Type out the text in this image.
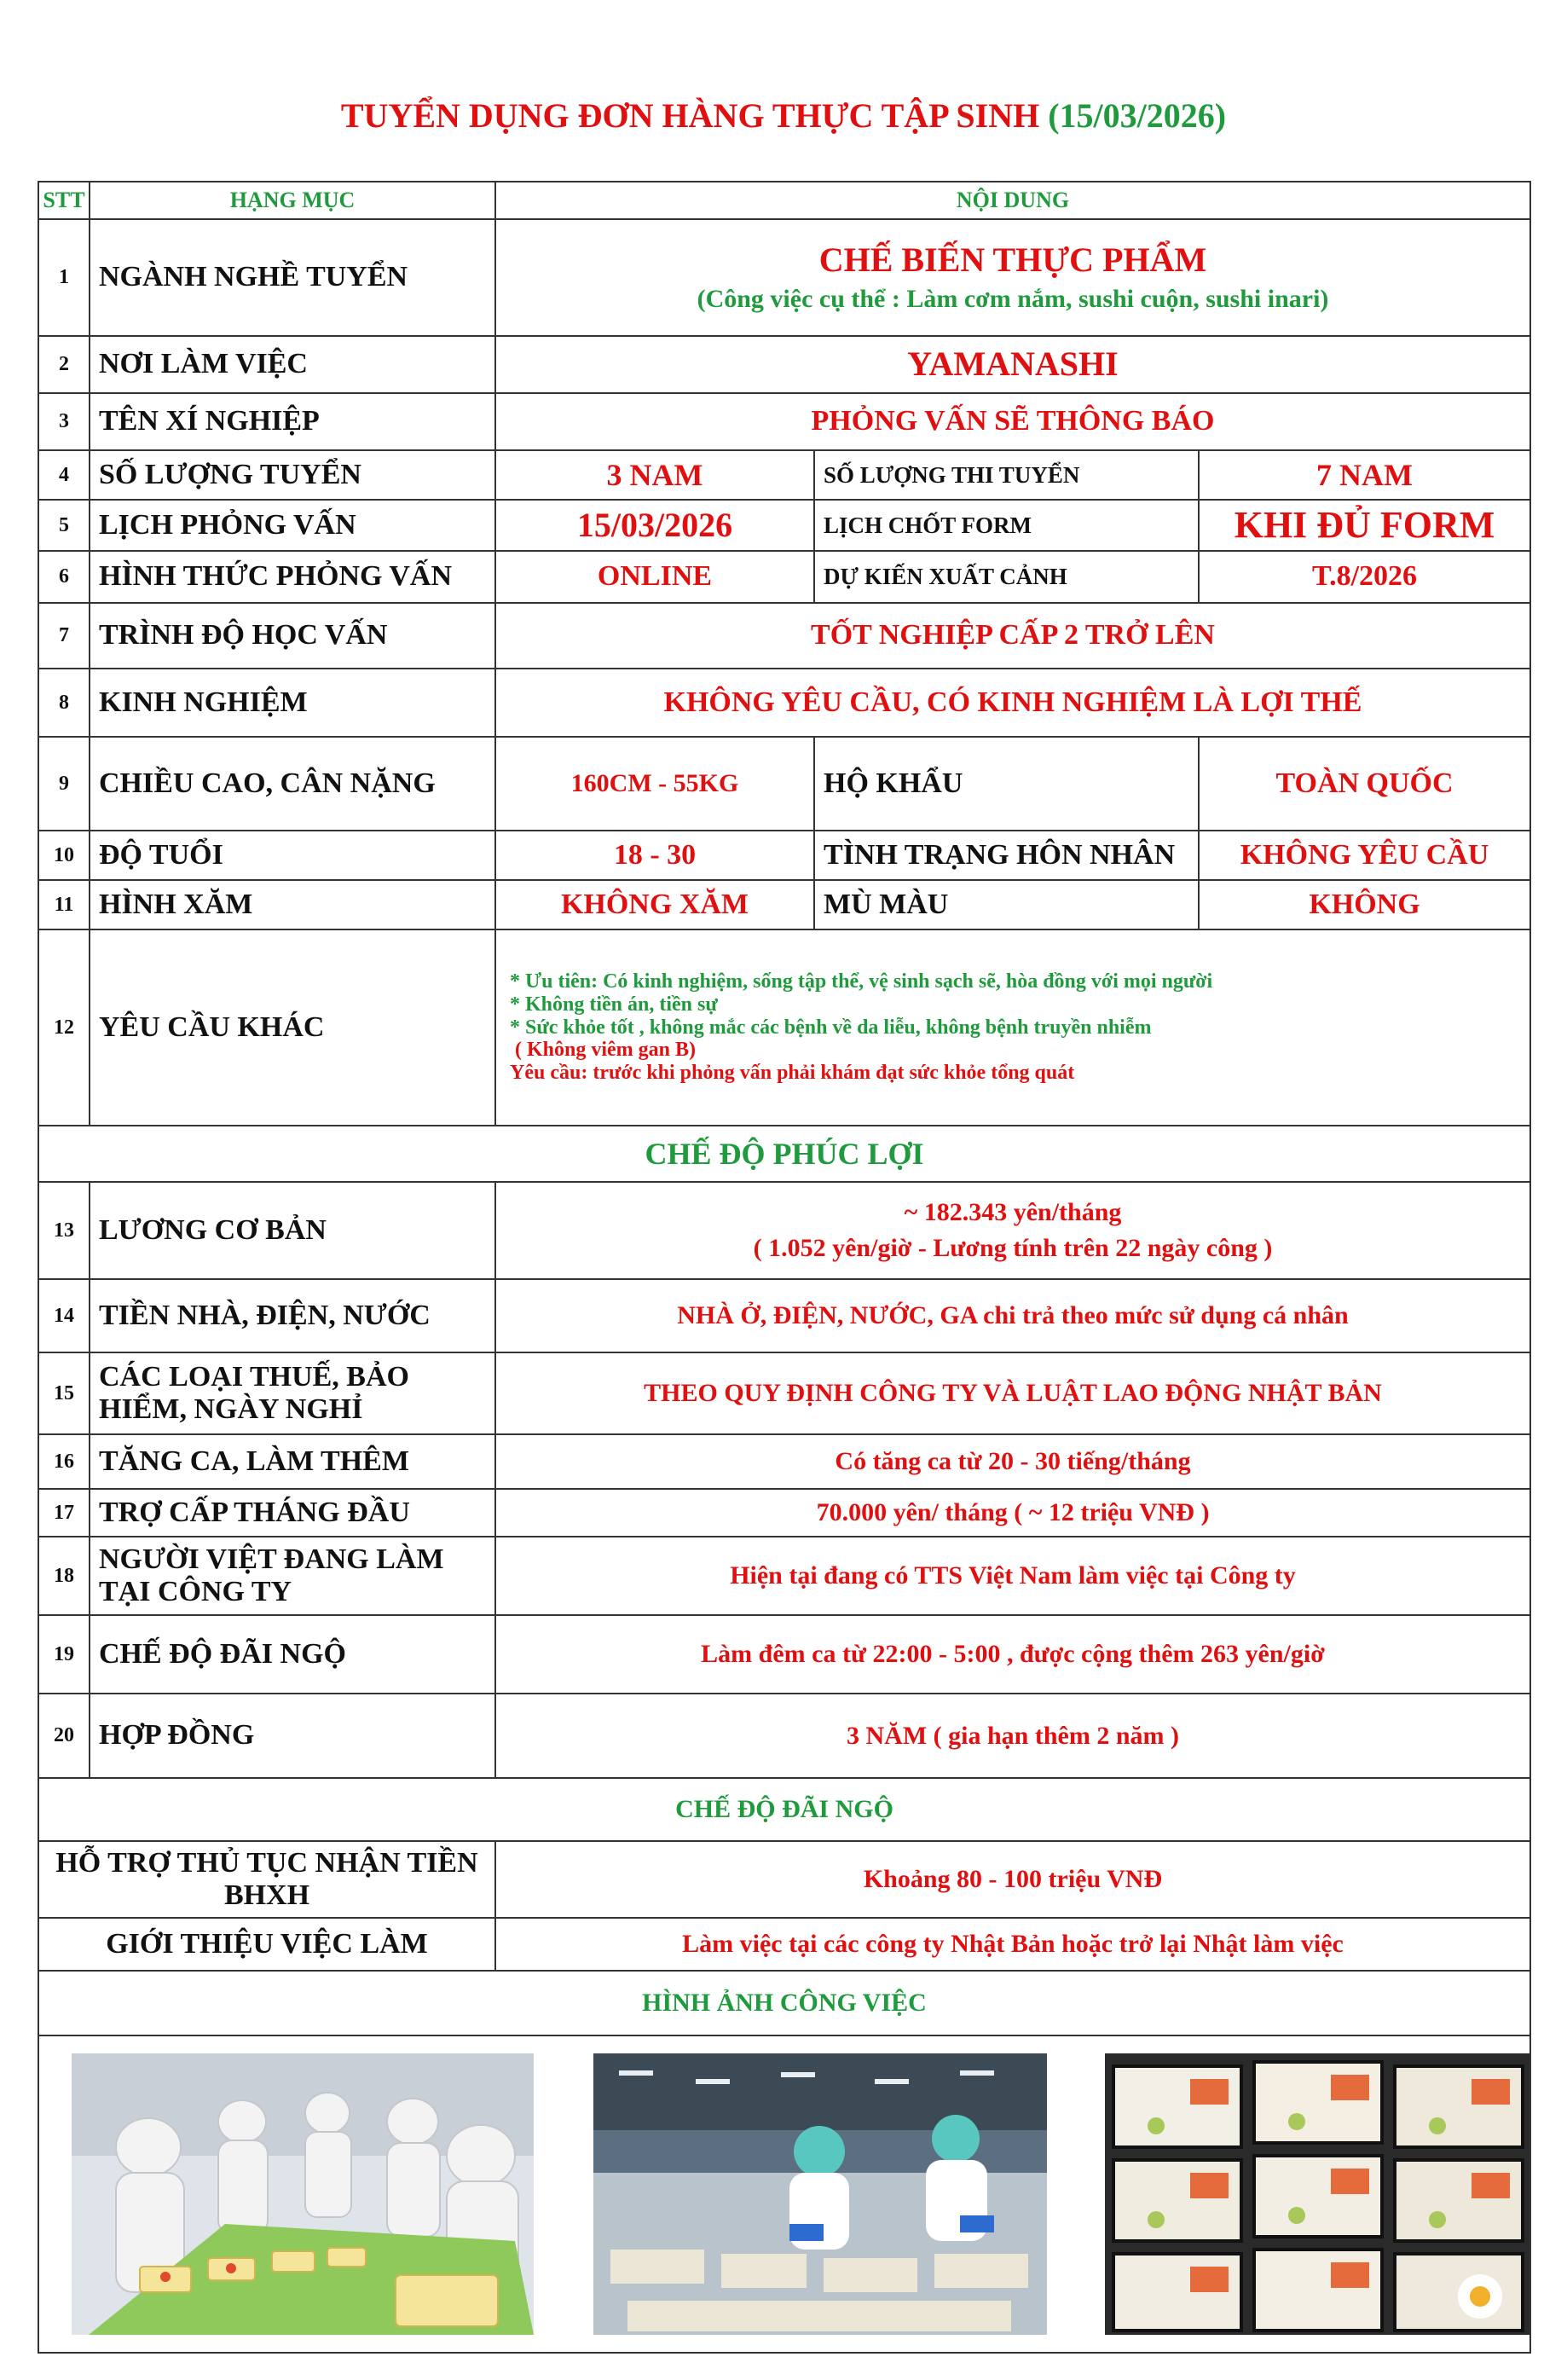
TUYỂN DỤNG ĐƠN HÀNG THỰC TẬP SINH (15/03/2026)
STT	HẠNG MỤC	NỘI DUNG		
1	NGÀNH NGHỀ TUYỂN	CHẾ BIẾN THỰC PHẨM
(Công việc cụ thể : Làm cơm nắm, sushi cuộn, sushi inari)		

2	NƠI LÀM VIỆC	YAMANASHI		
3	TÊN XÍ NGHIỆP	PHỎNG VẤN SẼ THÔNG BÁO		
4	SỐ LƯỢNG TUYỂN	3 NAM	SỐ LƯỢNG THI TUYỂN	7 NAM
5	LỊCH PHỎNG VẤN	15/03/2026	LỊCH CHỐT FORM	KHI ĐỦ FORM
6	HÌNH THỨC PHỎNG VẤN	ONLINE	DỰ KIẾN XUẤT CẢNH	T.8/2026
7	TRÌNH ĐỘ HỌC VẤN	TỐT NGHIỆP CẤP 2 TRỞ LÊN		
8	KINH NGHIỆM	KHÔNG YÊU CẦU, CÓ KINH NGHIỆM LÀ LỢI THẾ		
9	CHIỀU CAO, CÂN NẶNG	160CM - 55KG	HỘ KHẨU	TOÀN QUỐC
10	ĐỘ TUỔI	18 - 30	TÌNH TRẠNG HÔN NHÂN	KHÔNG YÊU CẦU
11	HÌNH XĂM	KHÔNG XĂM	MÙ MÀU	KHÔNG
12	YÊU CẦU KHÁC	* Ưu tiên: Có kinh nghiệm, sống tập thể, vệ sinh sạch sẽ, hòa đồng với mọi người
* Không tiền án, tiền sự
* Sức khỏe tốt , không mắc các bệnh về da liễu, không bệnh truyền nhiễm
( Không viêm gan B)
Yêu cầu: trước khi phỏng vấn phải khám đạt sức khỏe tổng quát		

CHẾ ĐỘ PHÚC LỢI				
13	LƯƠNG CƠ BẢN	~ 182.343 yên/tháng
( 1.052 yên/giờ - Lương tính trên 22 ngày công )		

14	TIỀN NHÀ, ĐIỆN, NƯỚC	NHÀ Ở, ĐIỆN, NƯỚC, GA chi trả theo mức sử dụng cá nhân		
15	CÁC LOẠI THUẾ, BẢO HIỂM, NGÀY NGHỈ	THEO QUY ĐỊNH CÔNG TY VÀ LUẬT LAO ĐỘNG NHẬT BẢN		
16	TĂNG CA, LÀM THÊM	Có tăng ca từ 20 - 30 tiếng/tháng		
17	TRỢ CẤP THÁNG ĐẦU	70.000 yên/ tháng ( ~ 12 triệu VNĐ )		
18	NGƯỜI VIỆT ĐANG LÀM TẠI CÔNG TY	Hiện tại đang có TTS Việt Nam làm việc tại Công ty		
19	CHẾ ĐỘ ĐÃI NGỘ	Làm đêm ca từ 22:00 - 5:00 , được cộng thêm 263 yên/giờ		
20	HỢP ĐỒNG	3 NĂM ( gia hạn thêm 2 năm )		
CHẾ ĐỘ ĐÃI NGỘ				
HỖ TRỢ THỦ TỤC NHẬN TIỀN BHXH		Khoảng 80 - 100 triệu VNĐ		
GIỚI THIỆU VIỆC LÀM		Làm việc tại các công ty Nhật Bản hoặc trở lại Nhật làm việc		
HÌNH ẢNH CÔNG VIỆC				
